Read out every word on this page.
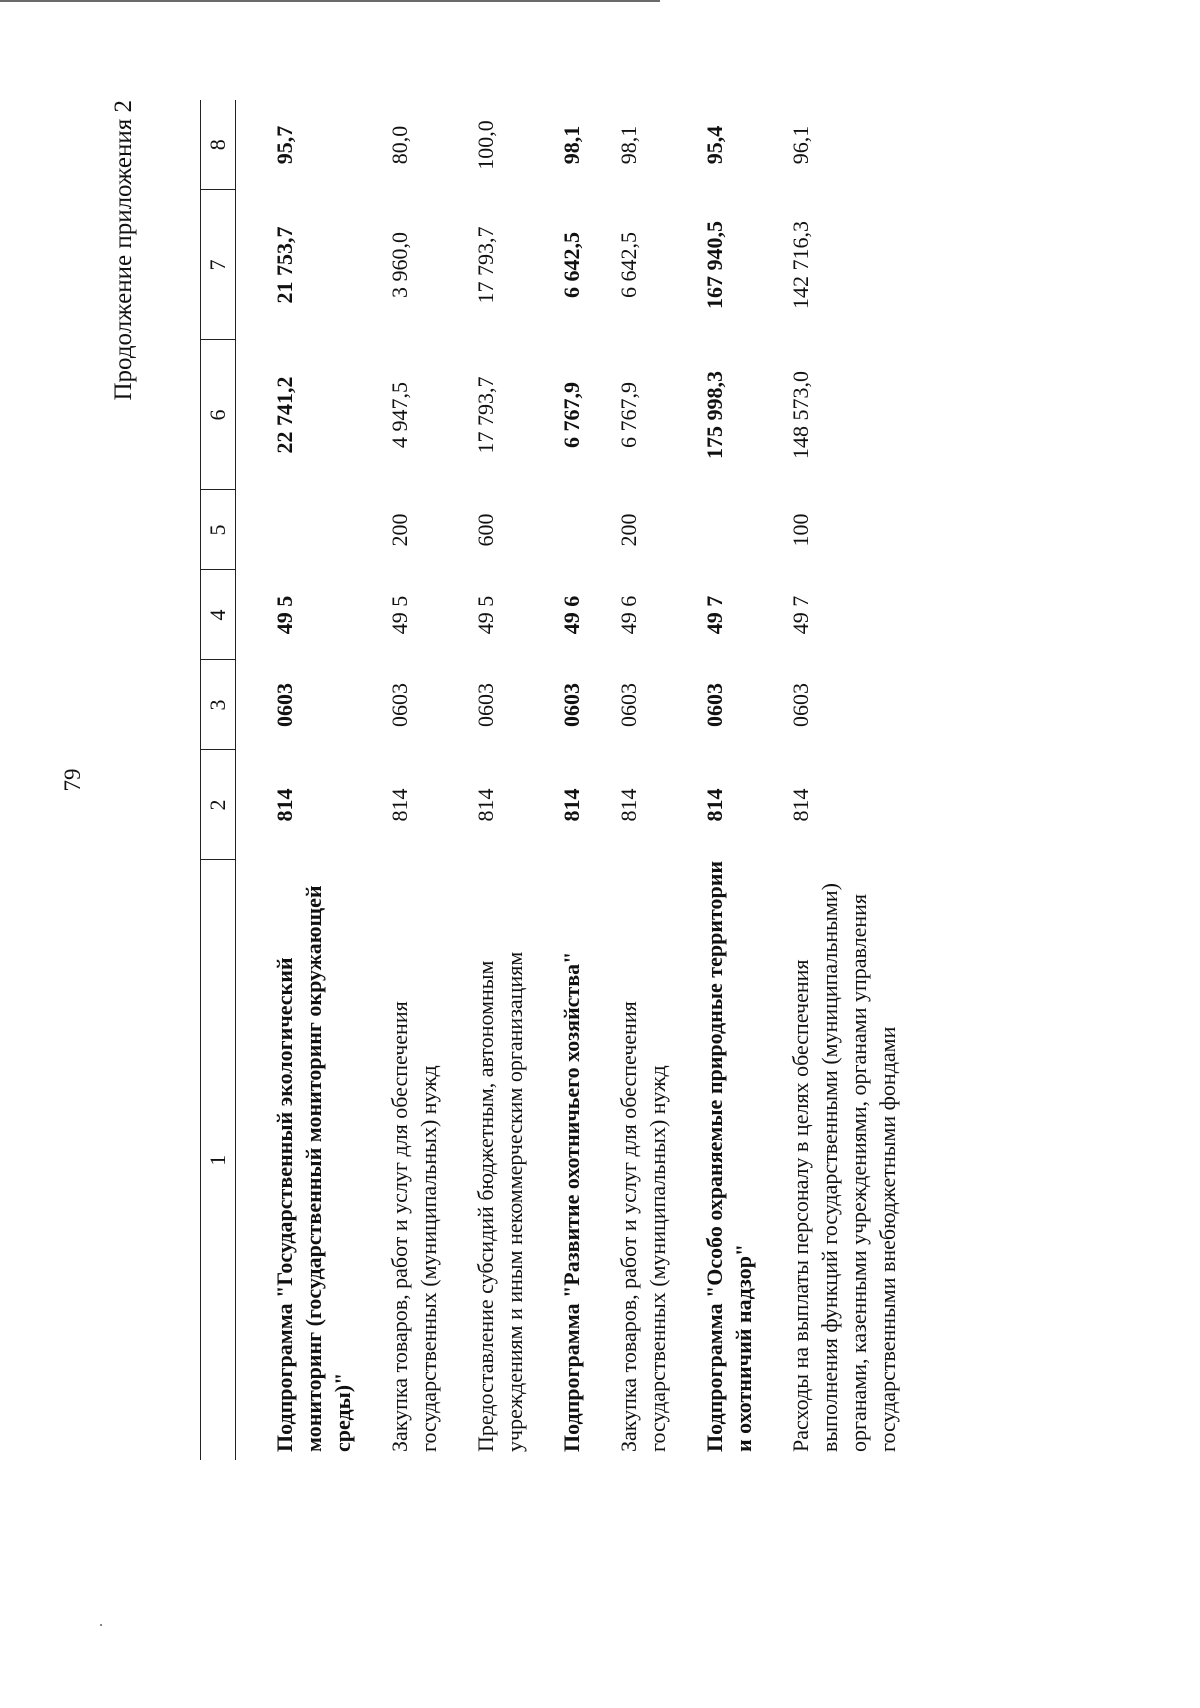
79
Продолжение приложения 2
1	2	3	4	5	6	7	8
Подпрограмма "Государственный экологический мониторинг (государственный мониторинг окружающей среды)"	814	0603	49 5		22 741,2	21 753,7	95,7
Закупка товаров, работ и услуг для обеспечения государственных (муниципальных) нужд	814	0603	49 5	200	4 947,5	3 960,0	80,0
Предоставление субсидий бюджетным, автономным учреждениям и иным некоммерческим организациям	814	0603	49 5	600	17 793,7	17 793,7	100,0
Подпрограмма "Развитие охотничьего хозяйства"	814	0603	49 6		6 767,9	6 642,5	98,1
Закупка товаров, работ и услуг для обеспечения государственных (муниципальных) нужд	814	0603	49 6	200	6 767,9	6 642,5	98,1
Подпрограмма "Особо охраняемые природные территории и охотничий надзор"	814	0603	49 7		175 998,3	167 940,5	95,4
Расходы на выплаты персоналу в целях обеспечения выполнения функций государственными (муниципальными) органами, казенными учреждениями, органами управления государственными внебюджетными фондами	814	0603	49 7	100	148 573,0	142 716,3	96,1
